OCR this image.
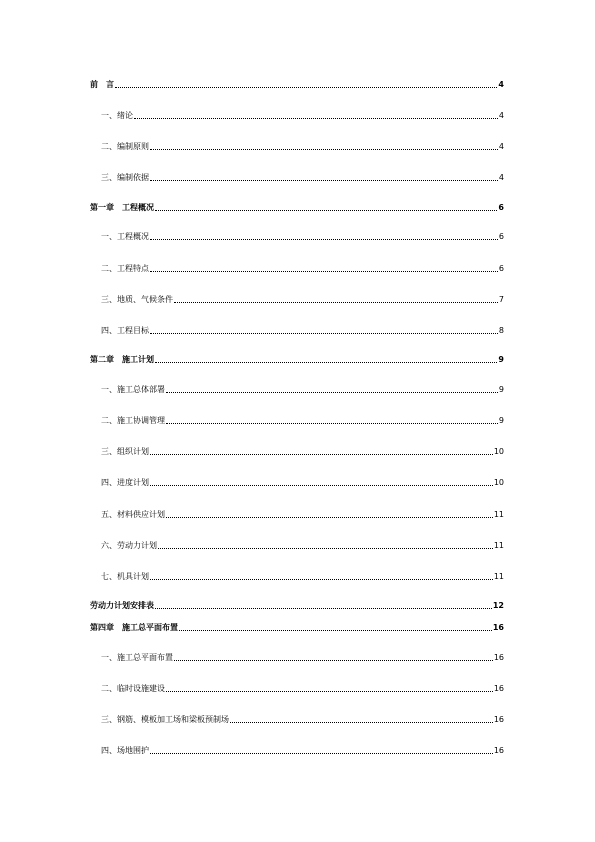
前　言	4
一、绪论	4
二、编制原则	4
三、编制依据	4
第一章　工程概况	6
一、工程概况	6
二、工程特点	6
三、地质、气候条件	7
四、工程目标	8
第二章　施工计划	9
一、施工总体部署	9
二、施工协调管理	9
三、组织计划	10
四、进度计划	10
五、材料供应计划	11
六、劳动力计划	11
七、机具计划	11
劳动力计划安排表	12
第四章　施工总平面布置	16
一、施工总平面布置	16
二、临时设施建设	16
三、钢筋、模板加工场和梁板预制场	16
四、场地围护	16
